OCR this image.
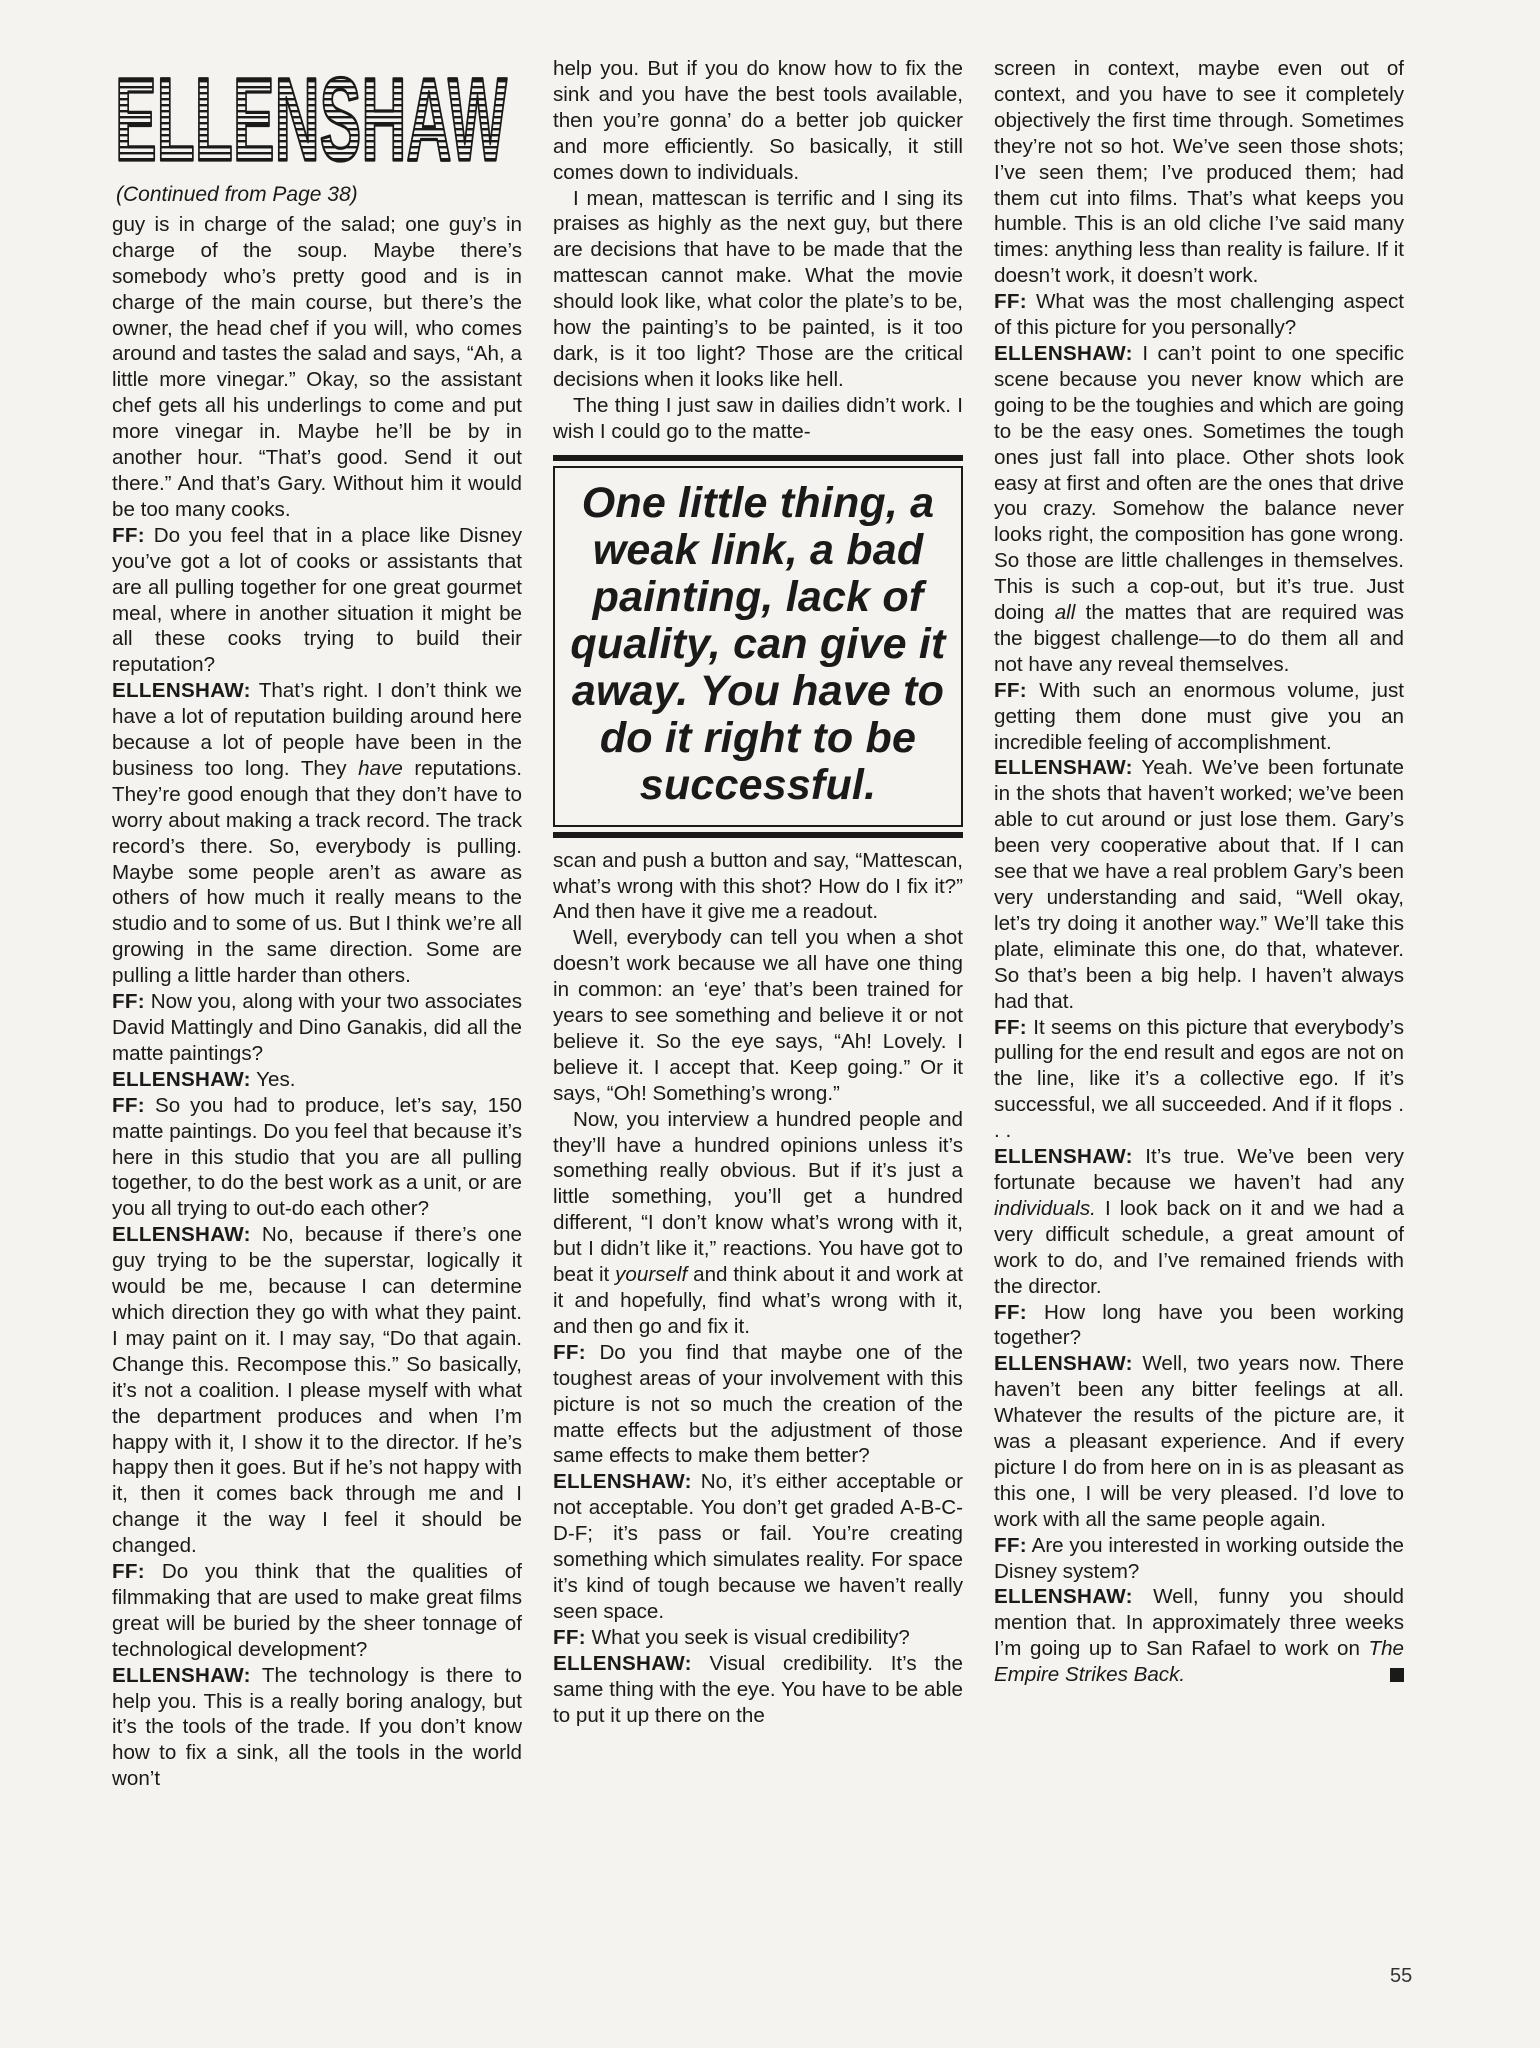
ELLENSHAW
(Continued from Page 38)

guy is in charge of the salad; one guy’s in charge of the soup. Maybe there’s somebody who’s pretty good and is in charge of the main course, but there’s the owner, the head chef if you will, who comes around and tastes the salad and says, “Ah, a little more vinegar.” Okay, so the assistant chef gets all his underlings to come and put more vinegar in. Maybe he’ll be by in another hour. “That’s good. Send it out there.” And that’s Gary. Without him it would be too many cooks.

FF: Do you feel that in a place like Disney you’ve got a lot of cooks or assistants that are all pulling together for one great gourmet meal, where in another situation it might be all these cooks trying to build their reputation?

ELLENSHAW: That’s right. I don’t think we have a lot of reputation building around here because a lot of people have been in the business too long. They have reputations. They’re good enough that they don’t have to worry about making a track record. The track record’s there. So, everybody is pulling. Maybe some people aren’t as aware as others of how much it really means to the studio and to some of us. But I think we’re all growing in the same direction. Some are pulling a little harder than others.

FF: Now you, along with your two associates David Mattingly and Dino Ganakis, did all the matte paintings?

ELLENSHAW: Yes.

FF: So you had to produce, let’s say, 150 matte paintings. Do you feel that because it’s here in this studio that you are all pulling together, to do the best work as a unit, or are you all trying to out-do each other?

ELLENSHAW: No, because if there’s one guy trying to be the superstar, logically it would be me, because I can determine which direction they go with what they paint. I may paint on it. I may say, “Do that again. Change this. Recompose this.” So basically, it’s not a coalition. I please myself with what the department produces and when I’m happy with it, I show it to the director. If he’s happy then it goes. But if he’s not happy with it, then it comes back through me and I change it the way I feel it should be changed.

FF: Do you think that the qualities of filmmaking that are used to make great films great will be buried by the sheer tonnage of technological development?

ELLENSHAW: The technology is there to help you. This is a really boring analogy, but it’s the tools of the trade. If you don’t know how to fix a sink, all the tools in the world won’t

help you. But if you do know how to fix the sink and you have the best tools available, then you’re gonna’ do a better job quicker and more efficiently. So basically, it still comes down to individuals.

I mean, mattescan is terrific and I sing its praises as highly as the next guy, but there are decisions that have to be made that the mattescan cannot make. What the movie should look like, what color the plate’s to be, how the painting’s to be painted, is it too dark, is it too light? Those are the critical decisions when it looks like hell.

The thing I just saw in dailies didn’t work. I wish I could go to the matte-

One little thing, a weak link, a bad painting, lack of quality, can give it away. You have to do it right to be successful.

scan and push a button and say, “Mattescan, what’s wrong with this shot? How do I fix it?” And then have it give me a readout.

Well, everybody can tell you when a shot doesn’t work because we all have one thing in common: an ‘eye’ that’s been trained for years to see something and believe it or not believe it. So the eye says, “Ah! Lovely. I believe it. I accept that. Keep going.” Or it says, “Oh! Something’s wrong.”

Now, you interview a hundred people and they’ll have a hundred opinions unless it’s something really obvious. But if it’s just a little something, you’ll get a hundred different, “I don’t know what’s wrong with it, but I didn’t like it,” reactions. You have got to beat it yourself and think about it and work at it and hopefully, find what’s wrong with it, and then go and fix it.

FF: Do you find that maybe one of the toughest areas of your involvement with this picture is not so much the creation of the matte effects but the adjustment of those same effects to make them better?

ELLENSHAW: No, it’s either acceptable or not acceptable. You don’t get graded A-B-C-D-F; it’s pass or fail. You’re creating something which simulates reality. For space it’s kind of tough because we haven’t really seen space.

FF: What you seek is visual credibility?

ELLENSHAW: Visual credibility. It’s the same thing with the eye. You have to be able to put it up there on the

screen in context, maybe even out of context, and you have to see it completely objectively the first time through. Sometimes they’re not so hot. We’ve seen those shots; I’ve seen them; I’ve produced them; had them cut into films. That’s what keeps you humble. This is an old cliche I’ve said many times: anything less than reality is failure. If it doesn’t work, it doesn’t work.

FF: What was the most challenging aspect of this picture for you personally?

ELLENSHAW: I can’t point to one specific scene because you never know which are going to be the toughies and which are going to be the easy ones. Sometimes the tough ones just fall into place. Other shots look easy at first and often are the ones that drive you crazy. Somehow the balance never looks right, the composition has gone wrong. So those are little challenges in themselves. This is such a cop-out, but it’s true. Just doing all the mattes that are required was the biggest challenge—to do them all and not have any reveal themselves.

FF: With such an enormous volume, just getting them done must give you an incredible feeling of accomplishment.

ELLENSHAW: Yeah. We’ve been fortunate in the shots that haven’t worked; we’ve been able to cut around or just lose them. Gary’s been very cooperative about that. If I can see that we have a real problem Gary’s been very understanding and said, “Well okay, let’s try doing it another way.” We’ll take this plate, eliminate this one, do that, whatever. So that’s been a big help. I haven’t always had that.

FF: It seems on this picture that everybody’s pulling for the end result and egos are not on the line, like it’s a collective ego. If it’s successful, we all succeeded. And if it flops . . .

ELLENSHAW: It’s true. We’ve been very fortunate because we haven’t had any individuals. I look back on it and we had a very difficult schedule, a great amount of work to do, and I’ve remained friends with the director.

FF: How long have you been working together?

ELLENSHAW: Well, two years now. There haven’t been any bitter feelings at all. Whatever the results of the picture are, it was a pleasant experience. And if every picture I do from here on in is as pleasant as this one, I will be very pleased. I’d love to work with all the same people again.

FF: Are you interested in working outside the Disney system?

ELLENSHAW: Well, funny you should mention that. In approximately three weeks I’m going up to San Rafael to work on The Empire Strikes Back.

55
